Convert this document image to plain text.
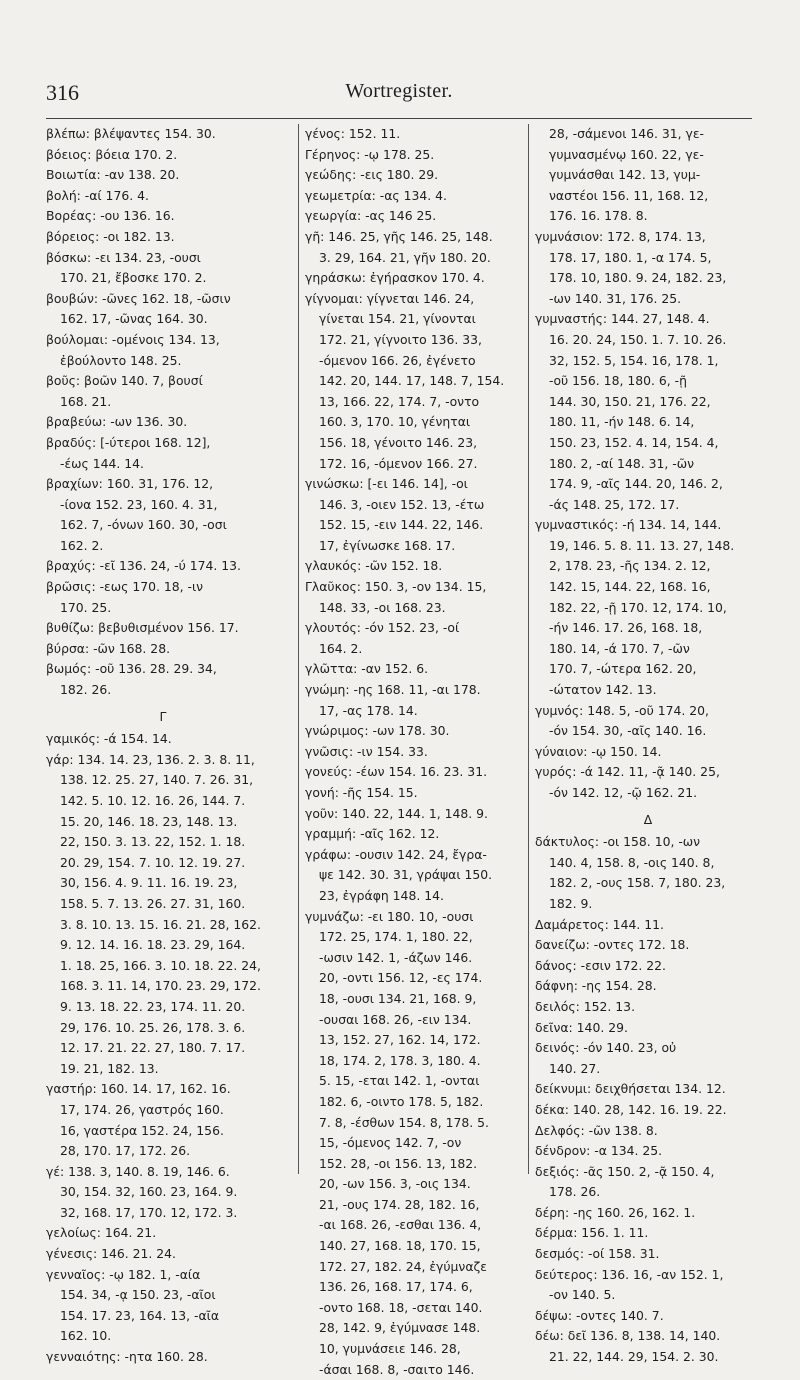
316	Wortregister.
βλέπω: βλέψαντες 154. 30.
βόειος: βόεια 170. 2.
Βοιωτία: -αν 138. 20.
βολή: -αί 176. 4.
Βορέας: -ου 136. 16.
βόρειος: -οι 182. 13.
βόσκω: -ει 134. 23, -ουσι
170. 21, ἔβοσκε 170. 2.
βουβών: -ῶνες 162. 18, -ῶσιν
162. 17, -ῶνας 164. 30.
βούλομαι: -ομένοις 134. 13,
ἐβούλοντο 148. 25.
βοῦς: βοῶν 140. 7, βουσί
168. 21.
βραβεύω: -ων 136. 30.
βραδύς: [-ύτεροι 168. 12],
-έως 144. 14.
βραχίων: 160. 31, 176. 12,
-ίονα 152. 23, 160. 4. 31,
162. 7, -όνων 160. 30, -οσι
162. 2.
βραχύς: -εῖ 136. 24, -ύ 174. 13.
βρῶσις: -εως 170. 18, -ιν
170. 25.
βυθίζω: βεβυθισμένον 156. 17.
βύρσα: -ῶν 168. 28.
βωμός: -οῦ 136. 28. 29. 34,
182. 26.
Γ
γαμικός: -ά 154. 14.
γάρ: 134. 14. 23, 136. 2. 3. 8. 11,
138. 12. 25. 27, 140. 7. 26. 31,
142. 5. 10. 12. 16. 26, 144. 7.
15. 20, 146. 18. 23, 148. 13.
22, 150. 3. 13. 22, 152. 1. 18.
20. 29, 154. 7. 10. 12. 19. 27.
30, 156. 4. 9. 11. 16. 19. 23,
158. 5. 7. 13. 26. 27. 31, 160.
3. 8. 10. 13. 15. 16. 21. 28, 162.
9. 12. 14. 16. 18. 23. 29, 164.
1. 18. 25, 166. 3. 10. 18. 22. 24,
168. 3. 11. 14, 170. 23. 29, 172.
9. 13. 18. 22. 23, 174. 11. 20.
29, 176. 10. 25. 26, 178. 3. 6.
12. 17. 21. 22. 27, 180. 7. 17.
19. 21, 182. 13.
γαστήρ: 160. 14. 17, 162. 16.
17, 174. 26, γαστρός 160.
16, γαστέρα 152. 24, 156.
28, 170. 17, 172. 26.
γέ: 138. 3, 140. 8. 19, 146. 6.
30, 154. 32, 160. 23, 164. 9.
32, 168. 17, 170. 12, 172. 3.
γελοίως: 164. 21.
γένεσις: 146. 21. 24.
γενναῖος: -ῳ 182. 1, -αία
154. 34, -ᾳ 150. 23, -αῖοι
154. 17. 23, 164. 13, -αῖα
162. 10.
γενναιότης: -ητα 160. 28.
γένος: 152. 11.
Γέρηνος: -ῳ 178. 25.
γεώδης: -εις 180. 29.
γεωμετρία: -ας 134. 4.
γεωργία: -ας 146 25.
γῆ: 146. 25, γῆς 146. 25, 148.
3. 29, 164. 21, γῆν 180. 20.
γηράσκω: ἐγήρασκον 170. 4.
γίγνομαι: γίγνεται 146. 24,
γίνεται 154. 21, γίνονται
172. 21, γίγνοιτο 136. 33,
-όμενον 166. 26, ἐγένετο
142. 20, 144. 17, 148. 7, 154.
13, 166. 22, 174. 7, -οντο
160. 3, 170. 10, γένηται
156. 18, γένοιτο 146. 23,
172. 16, -όμενον 166. 27.
γινώσκω: [-ει 146. 14], -οι
146. 3, -οιεν 152. 13, -έτω
152. 15, -ειν 144. 22, 146.
17, ἐγίνωσκε 168. 17.
γλαυκός: -ῶν 152. 18.
Γλαῦκος: 150. 3, -ον 134. 15,
148. 33, -οι 168. 23.
γλουτός: -όν 152. 23, -οί
164. 2.
γλῶττα: -αν 152. 6.
γνώμη: -ης 168. 11, -αι 178.
17, -ας 178. 14.
γνώριμος: -ων 178. 30.
γνῶσις: -ιν 154. 33.
γονεύς: -έων 154. 16. 23. 31.
γονή: -ῆς 154. 15.
γοῦν: 140. 22, 144. 1, 148. 9.
γραμμή: -αῖς 162. 12.
γράφω: -ουσιν 142. 24, ἔγρα-
ψε 142. 30. 31, γράψαι 150.
23, ἐγράφη 148. 14.
γυμνάζω: -ει 180. 10, -ουσι
172. 25, 174. 1, 180. 22,
-ωσιν 142. 1, -άζων 146.
20, -οντι 156. 12, -ες 174.
18, -ουσι 134. 21, 168. 9,
-ουσαι 168. 26, -ειν 134.
13, 152. 27, 162. 14, 172.
18, 174. 2, 178. 3, 180. 4.
5. 15, -εται 142. 1, -ονται
182. 6, -οιντο 178. 5, 182.
7. 8, -έσθων 154. 8, 178. 5.
15, -όμενος 142. 7, -ον
152. 28, -οι 156. 13, 182.
20, -ων 156. 3, -οις 134.
21, -ους 174. 28, 182. 16,
-αι 168. 26, -εσθαι 136. 4,
140. 27, 168. 18, 170. 15,
172. 27, 182. 24, ἐγύμναζε
136. 26, 168. 17, 174. 6,
-οντο 168. 18, -σεται 140.
28, 142. 9, ἐγύμνασε 148.
10, γυμνάσειε 146. 28,
-άσαι 168. 8, -σαιτο 146.
28, -σάμενοι 146. 31, γε-
γυμνασμένῳ 160. 22, γε-
γυμνάσθαι 142. 13, γυμ-
ναστέοι 156. 11, 168. 12,
176. 16. 178. 8.
γυμνάσιον: 172. 8, 174. 13,
178. 17, 180. 1, -α 174. 5,
178. 10, 180. 9. 24, 182. 23,
-ων 140. 31, 176. 25.
γυμναστής: 144. 27, 148. 4.
16. 20. 24, 150. 1. 7. 10. 26.
32, 152. 5, 154. 16, 178. 1,
-οῦ 156. 18, 180. 6, -ῇ
144. 30, 150. 21, 176. 22,
180. 11, -ήν 148. 6. 14,
150. 23, 152. 4. 14, 154. 4,
180. 2, -αί 148. 31, -ῶν
174. 9, -αῖς 144. 20, 146. 2,
-άς 148. 25, 172. 17.
γυμναστικός: -ή 134. 14, 144.
19, 146. 5. 8. 11. 13. 27, 148.
2, 178. 23, -ῆς 134. 2. 12,
142. 15, 144. 22, 168. 16,
182. 22, -ῇ 170. 12, 174. 10,
-ήν 146. 17. 26, 168. 18,
180. 14, -ά 170. 7, -ῶν
170. 7, -ώτερα 162. 20,
-ώτατον 142. 13.
γυμνός: 148. 5, -οῦ 174. 20,
-όν 154. 30, -αῖς 140. 16.
γύναιον: -ῳ 150. 14.
γυρός: -ά 142. 11, -ᾷ 140. 25,
-όν 142. 12, -ῷ 162. 21.
Δ
δάκτυλος: -οι 158. 10, -ων
140. 4, 158. 8, -οις 140. 8,
182. 2, -ους 158. 7, 180. 23,
182. 9.
Δαμάρετος: 144. 11.
δανείζω: -οντες 172. 18.
δάνος: -εσιν 172. 22.
δάφνη: -ης 154. 28.
δειλός: 152. 13.
δεῖνα: 140. 29.
δεινός: -όν 140. 23, οὐ
140. 27.
δείκνυμι: δειχθήσεται 134. 12.
δέκα: 140. 28, 142. 16. 19. 22.
Δελφός: -ῶν 138. 8.
δένδρον: -α 134. 25.
δεξιός: -ᾶς 150. 2, -ᾷ 150. 4,
178. 26.
δέρη: -ης 160. 26, 162. 1.
δέρμα: 156. 1. 11.
δεσμός: -οί 158. 31.
δεύτερος: 136. 16, -αν 152. 1,
-ον 140. 5.
δέψω: -οντες 140. 7.
δέω: δεῖ 136. 8, 138. 14, 140.
21. 22, 144. 29, 154. 2. 30.
